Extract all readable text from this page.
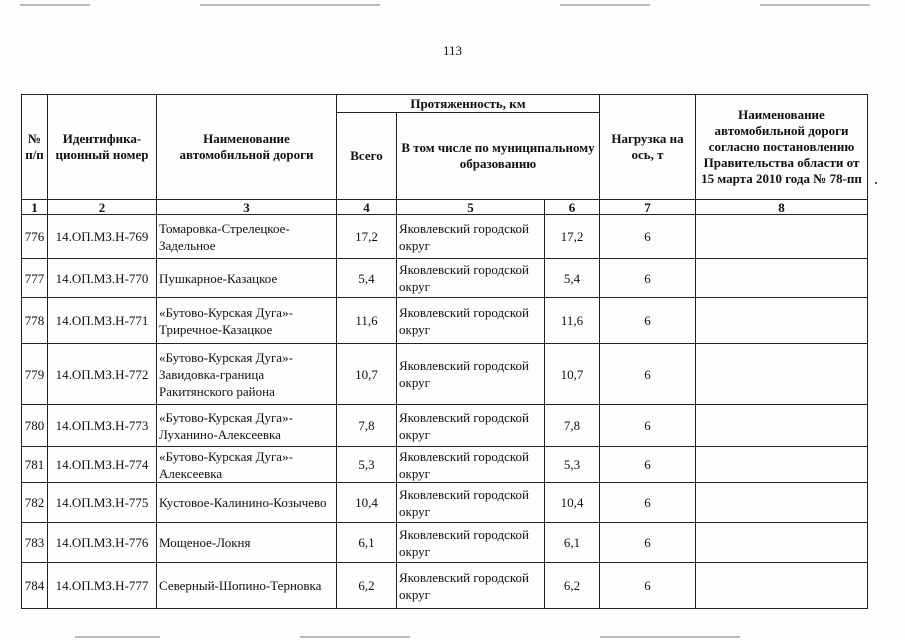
113
№ п/п	Идентифика-ционный номер	Наименование автомобильной дороги	Протяженность, км			Нагрузка на ось, т	Наименование автомобильной дороги согласно постановлению Правительства области от 15 марта 2010 года № 78-пп
			Всего	В том числе по муниципальному образованию			
1	2	3	4	5	6	7	8
776	14.ОП.МЗ.Н-769	Томаровка-Стрелецкое-Задельное	17,2	Яковлевский городской округ	17,2	6	
777	14.ОП.МЗ.Н-770	Пушкарное-Казацкое	5,4	Яковлевский городской округ	5,4	6	
778	14.ОП.МЗ.Н-771	«Бутово-Курская Дуга»-Триречное-Казацкое	11,6	Яковлевский городской округ	11,6	6	
779	14.ОП.МЗ.Н-772	«Бутово-Курская Дуга»-Завидовка-граница Ракитянского района	10,7	Яковлевский городской округ	10,7	6	
780	14.ОП.МЗ.Н-773	«Бутово-Курская Дуга»-Луханино-Алексеевка	7,8	Яковлевский городской округ	7,8	6	
781	14.ОП.МЗ.Н-774	«Бутово-Курская Дуга»-Алексеевка	5,3	Яковлевский городской округ	5,3	6	
782	14.ОП.МЗ.Н-775	Кустовое-Калинино-Козычево	10,4	Яковлевский городской округ	10,4	6	
783	14.ОП.МЗ.Н-776	Мощеное-Локня	6,1	Яковлевский городской округ	6,1	6	
784	14.ОП.МЗ.Н-777	Северный-Шопино-Терновка	6,2	Яковлевский городской округ	6,2	6	
